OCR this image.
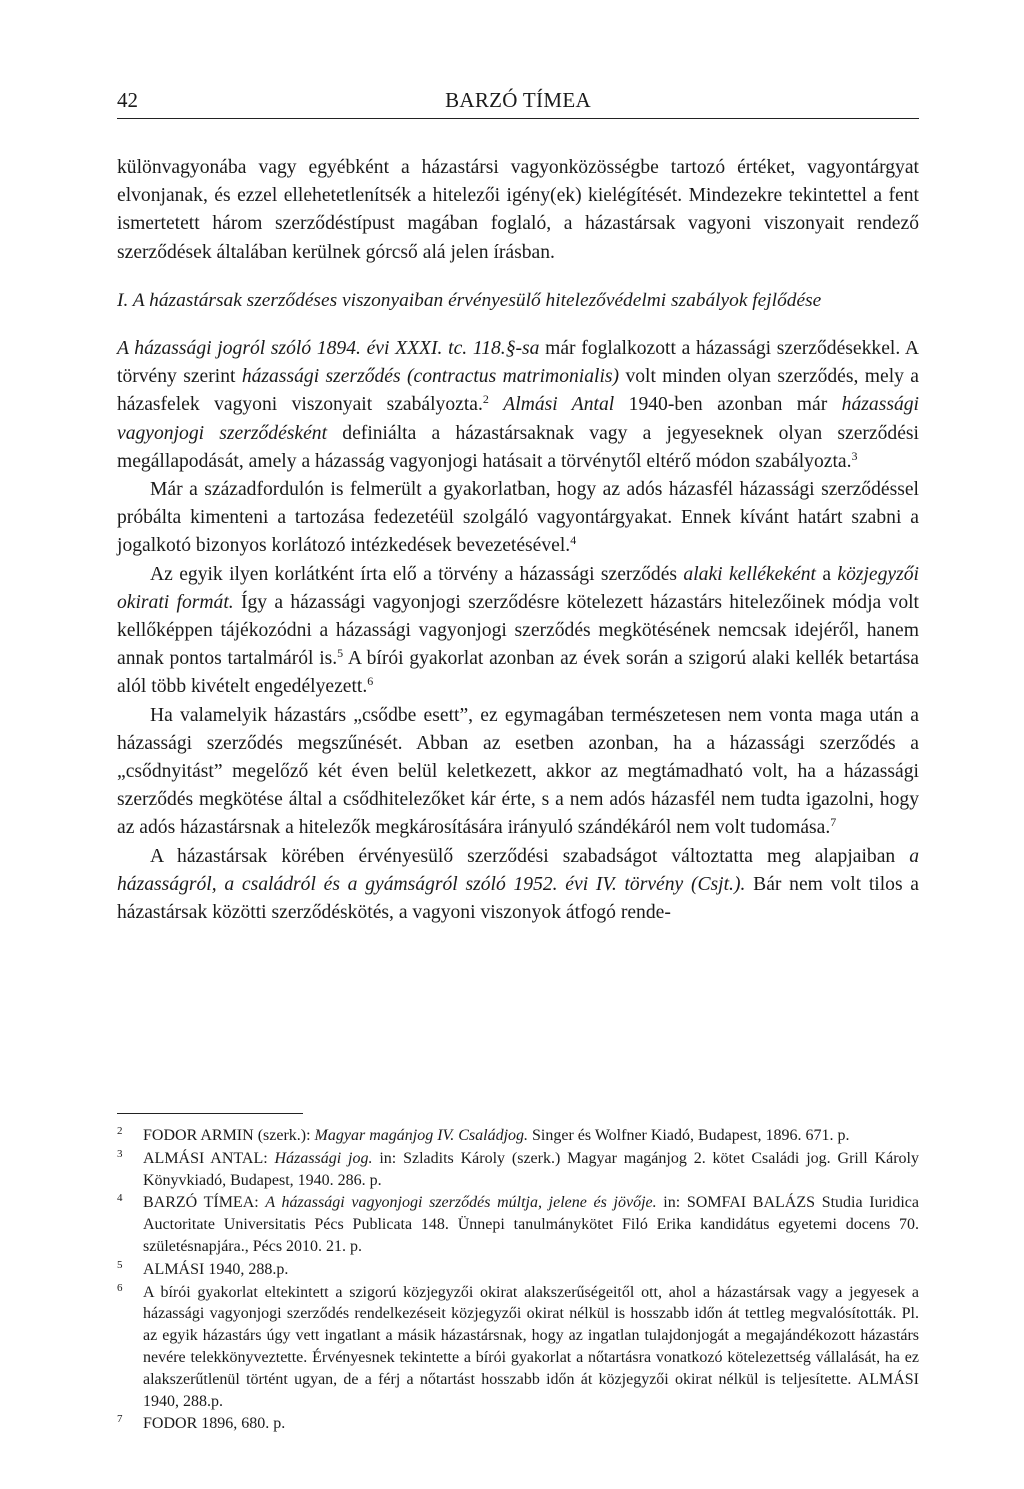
42	BARZÓ TÍMEA

különvagyonába vagy egyébként a házastársi vagyonközösségbe tartozó értéket, vagyontárgyat elvonjanak, és ezzel ellehetetlenítsék a hitelezői igény(ek) kielégítését. Mindezekre tekintettel a fent ismertetett három szerződéstípust magában foglaló, a házastársak vagyoni viszonyait rendező szerződések általában kerülnek górcső alá jelen írásban.

I. A házastársak szerződéses viszonyaiban érvényesülő hitelezővédelmi szabályok fejlődése

A házassági jogról szóló 1894. évi XXXI. tc. 118.§-sa már foglalkozott a házassági szerződésekkel. A törvény szerint házassági szerződés (contractus matrimonialis) volt minden olyan szerződés, mely a házasfelek vagyoni viszonyait szabályozta.$^2$ Almási Antal 1940-ben azonban már házassági vagyonjogi szerződésként definiálta a házastársaknak vagy a jegyeseknek olyan szerződési megállapodását, amely a házasság vagyonjogi hatásait a törvénytől eltérő módon szabályozta.$^3$

Már a századfordulón is felmerült a gyakorlatban, hogy az adós házasfél házassági szerződéssel próbálta kimenteni a tartozása fedezetéül szolgáló vagyontárgyakat. Ennek kívánt határt szabni a jogalkotó bizonyos korlátozó intézkedések bevezetésével.$^4$

Az egyik ilyen korlátként írta elő a törvény a házassági szerződés alaki kellékeként a közjegyzői okirati formát. Így a házassági vagyonjogi szerződésre kötelezett házastárs hitelezőinek módja volt kellőképpen tájékozódni a házassági vagyonjogi szerződés megkötésének nemcsak idejéről, hanem annak pontos tartalmáról is.$^5$ A bírói gyakorlat azonban az évek során a szigorú alaki kellék betartása alól több kivételt engedélyezett.$^6$

Ha valamelyik házastárs „csődbe esett”, ez egymagában természetesen nem vonta maga után a házassági szerződés megszűnését. Abban az esetben azonban, ha a házassági szerződés a „csődnyitást” megelőző két éven belül keletkezett, akkor az megtámadható volt, ha a házassági szerződés megkötése által a csődhitelezőket kár érte, s a nem adós házasfél nem tudta igazolni, hogy az adós házastársnak a hitelezők megkárosítására irányuló szándékáról nem volt tudomása.$^7$

A házastársak körében érvényesülő szerződési szabadságot változtatta meg alapjaiban a házasságról, a családról és a gyámságról szóló 1952. évi IV. törvény (Csjt.). Bár nem volt tilos a házastársak közötti szerződéskötés, a vagyoni viszonyok átfogó rende-

2 FODOR ARMIN (szerk.): Magyar magánjog IV. Családjog. Singer és Wolfner Kiadó, Budapest, 1896. 671. p.
3 ALMÁSI ANTAL: Házassági jog. in: Szladits Károly (szerk.) Magyar magánjog 2. kötet Családi jog. Grill Károly Könyvkiadó, Budapest, 1940. 286. p.
4 BARZÓ TÍMEA: A házassági vagyonjogi szerződés múltja, jelene és jövője. in: SOMFAI BALÁZS Studia Iuridica Auctoritate Universitatis Pécs Publicata 148. Ünnepi tanulmánykötet Filó Erika kandidátus egyetemi docens 70. születésnapjára., Pécs 2010. 21. p.
5 ALMÁSI 1940, 288.p.
6 A bírói gyakorlat eltekintett a szigorú közjegyzői okirat alakszerűségeitől ott, ahol a házastársak vagy a jegyesek a házassági vagyonjogi szerződés rendelkezéseit közjegyzői okirat nélkül is hosszabb időn át tettleg megvalósították. Pl. az egyik házastárs úgy vett ingatlant a másik házastársnak, hogy az ingatlan tulajdonjogát a megajándékozott házastárs nevére telekkönyveztette. Érvényesnek tekintette a bírói gyakorlat a nőtartásra vonatkozó kötelezettség vállalását, ha ez alakszerűtlenül történt ugyan, de a férj a nőtartást hosszabb időn át közjegyzői okirat nélkül is teljesítette. ALMÁSI 1940, 288.p.
7 FODOR 1896, 680. p.
